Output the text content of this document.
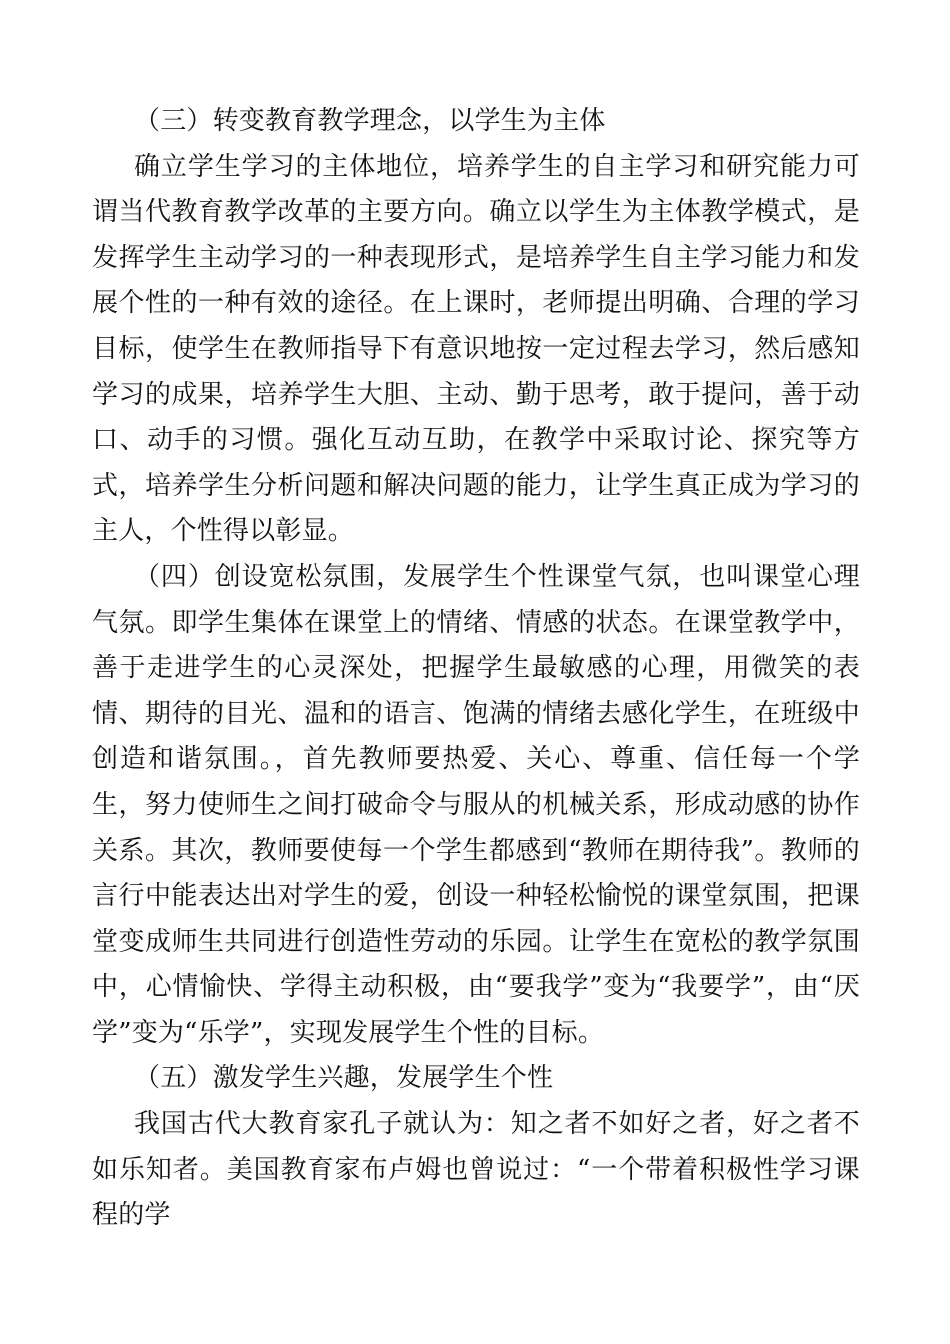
（三）转变教育教学理念，以学生为主体

确立学生学习的主体地位，培养学生的自主学习和研究能力可谓当代教育教学改革的主要方向。确立以学生为主体教学模式，是发挥学生主动学习的一种表现形式，是培养学生自主学习能力和发展个性的一种有效的途径。在上课时，老师提出明确、合理的学习目标，使学生在教师指导下有意识地按一定过程去学习，然后感知学习的成果，培养学生大胆、主动、勤于思考，敢于提问，善于动口、动手的习惯。强化互动互助，在教学中采取讨论、探究等方式，培养学生分析问题和解决问题的能力，让学生真正成为学习的主人，个性得以彰显。

（四）创设宽松氛围，发展学生个性课堂气氛，也叫课堂心理气氛。即学生集体在课堂上的情绪、情感的状态。在课堂教学中，善于走进学生的心灵深处，把握学生最敏感的心理，用微笑的表情、期待的目光、温和的语言、饱满的情绪去感化学生，在班级中创造和谐氛围。，首先教师要热爱、关心、尊重、信任每一个学生，努力使师生之间打破命令与服从的机械关系，形成动感的协作关系。其次，教师要使每一个学生都感到“教师在期待我”。教师的言行中能表达出对学生的爱，创设一种轻松愉悦的课堂氛围，把课堂变成师生共同进行创造性劳动的乐园。让学生在宽松的教学氛围中，心情愉快、学得主动积极，由“要我学”变为“我要学”，由“厌学”变为“乐学”，实现发展学生个性的目标。

（五）激发学生兴趣，发展学生个性

我国古代大教育家孔子就认为：知之者不如好之者，好之者不如乐知者。美国教育家布卢姆也曾说过：“一个带着积极性学习课程的学
